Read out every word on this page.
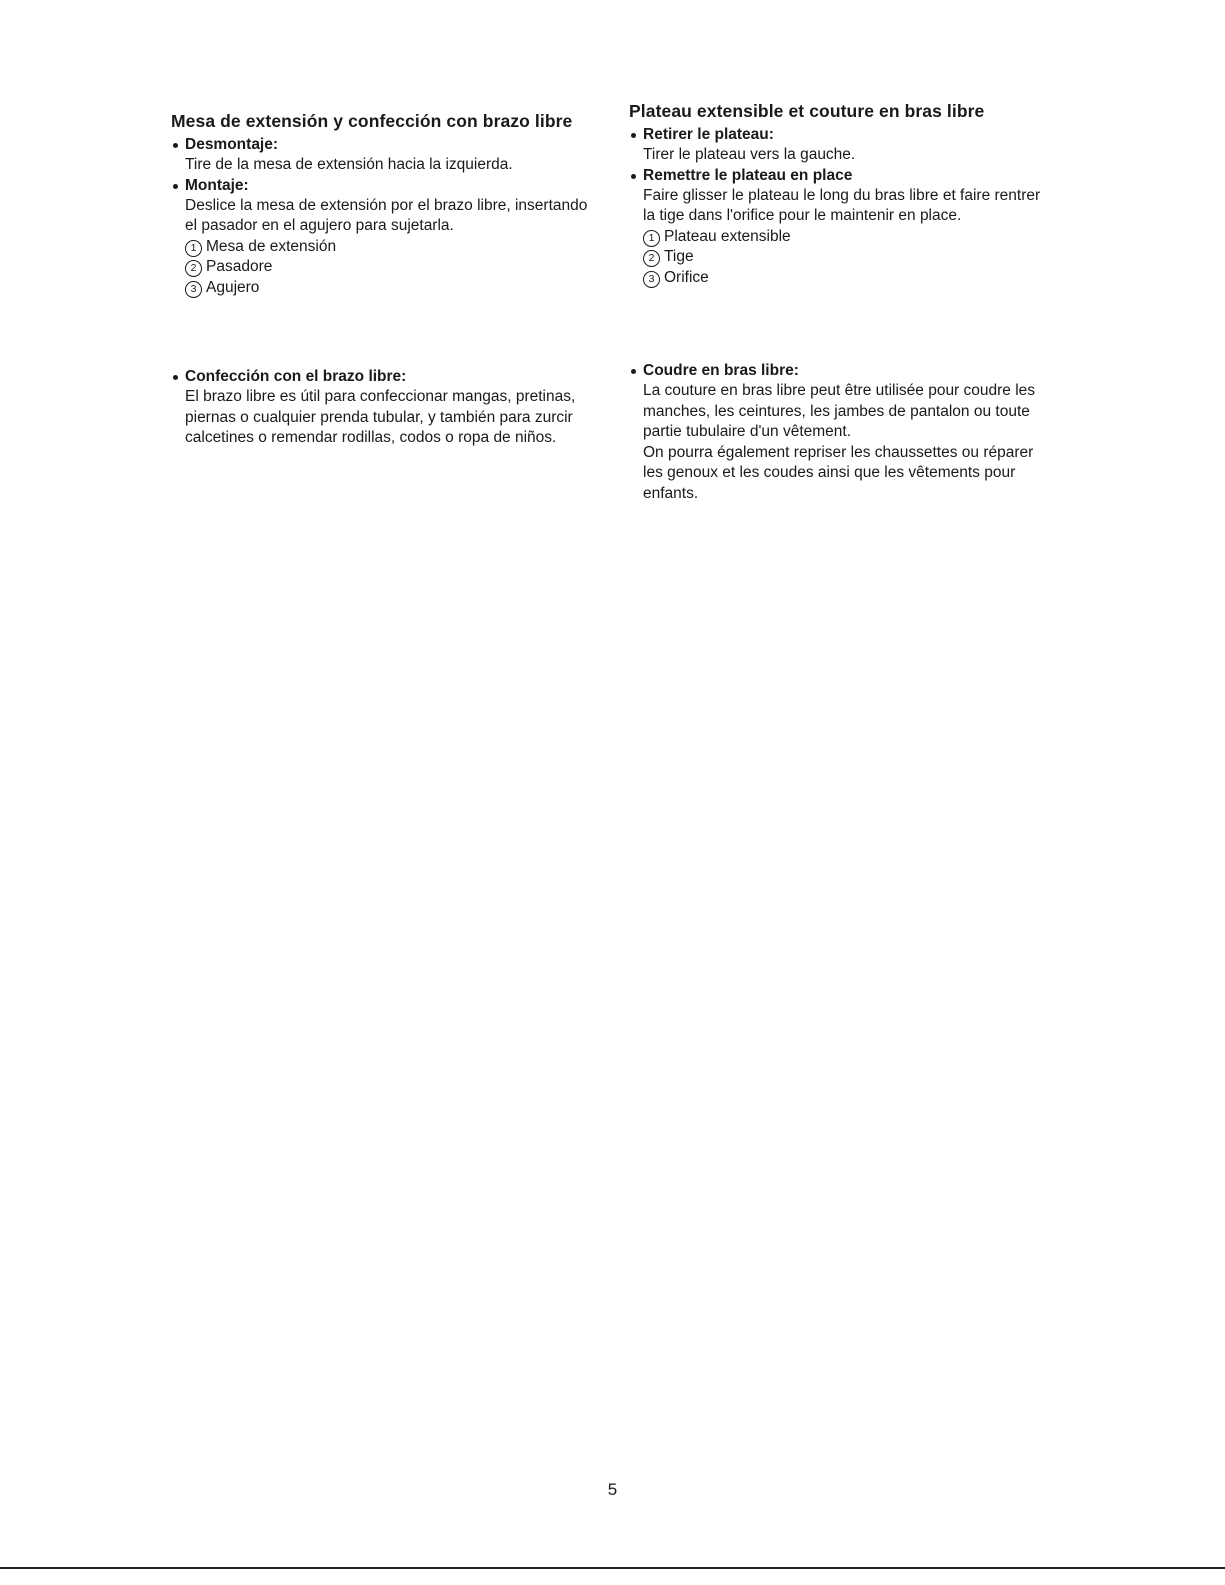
Mesa de extensión y confección con brazo libre
Desmontaje:
Tire de la mesa de extensión hacia la izquierda.
Montaje:
Deslice la mesa de extensión por el brazo libre, insertando
el pasador en el agujero para sujetarla.
1 Mesa de extensión
2 Pasadore
3 Agujero
Plateau extensible et couture en bras libre
Retirer le plateau:
Tirer le plateau vers la gauche.
Remettre le plateau en place
Faire glisser le plateau le long du bras libre et faire rentrer
la tige dans l'orifice pour le maintenir en place.
1 Plateau extensible
2 Tige
3 Orifice
Confección con el brazo libre:
El brazo libre es útil para confeccionar mangas, pretinas,
piernas o cualquier prenda tubular, y también para zurcir
calcetines o remendar rodillas, codos o ropa de niños.
Coudre en bras libre:
La couture en bras libre peut être utilisée pour coudre les
manches, les ceintures, les jambes de pantalon ou toute
partie tubulaire d'un vêtement.
On pourra également repriser les chaussettes ou réparer
les genoux et les coudes ainsi que les vêtements pour
enfants.
5
